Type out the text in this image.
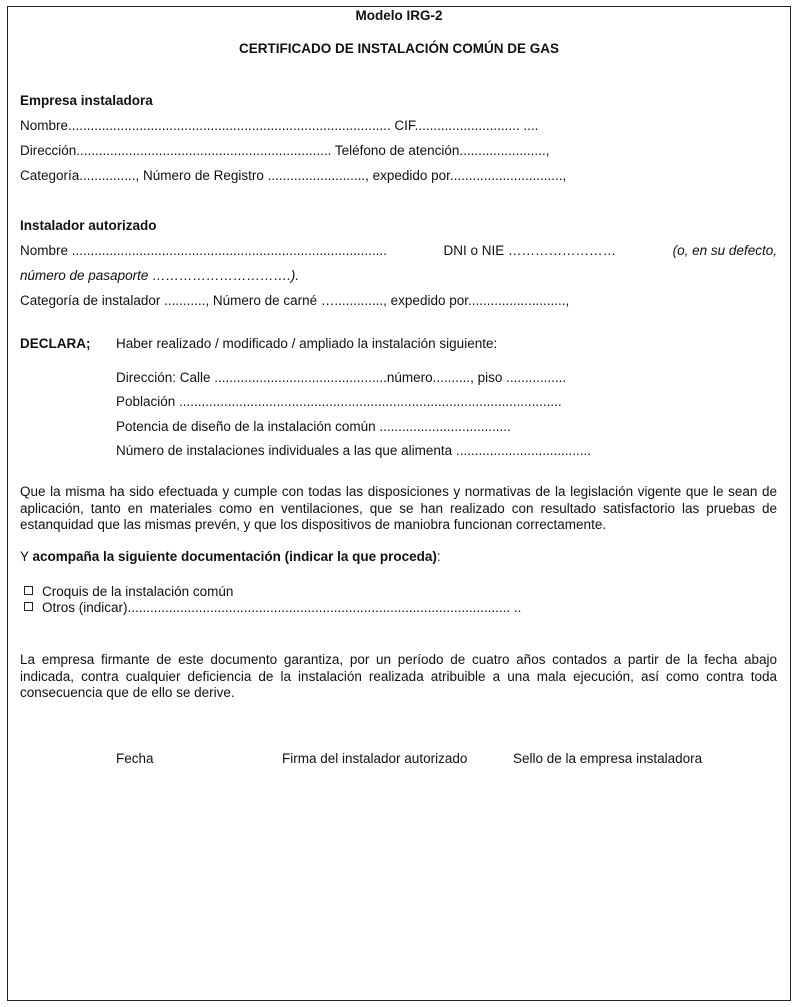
Modelo IRG-2
CERTIFICADO DE INSTALACIÓN COMÚN DE GAS
Empresa instaladora
Nombre...................................................................................... CIF............................ ....
Dirección.................................................................... Teléfono de atención.......................,
Categoría..............., Número de Registro .........................., expedido por..............................,
Instalador autorizado
Nombre ....................................................................................	DNI o NIE ……………………	(o, en su defecto,
número de pasaporte ………………………….).
Categoría de instalador ..........., Número de carné …............., expedido por..........................,
DECLARA; Haber realizado / modificado / ampliado la instalación siguiente:
Dirección: Calle ..............................................número.........., piso ................
Población ......................................................................................................
Potencia de diseño de la instalación común ...................................
Número de instalaciones individuales a las que alimenta ....................................
Que la misma ha sido efectuada y cumple con todas las disposiciones y normativas de la legislación vigente que le sean de aplicación, tanto en materiales como en ventilaciones, que se han realizado con resultado satisfactorio las pruebas de estanquidad que las mismas prevén, y que los dispositivos de maniobra funcionan correctamente.
Y acompaña la siguiente documentación (indicar la que proceda):
Croquis de la instalación común
Otros (indicar)...................................................................................................... ..
La empresa firmante de este documento garantiza, por un período de cuatro años contados a partir de la fecha abajo indicada, contra cualquier deficiencia de la instalación realizada atribuible a una mala ejecución, así como contra toda consecuencia que de ello se derive.
Fecha	Firma del instalador autorizado	Sello de la empresa instaladora
